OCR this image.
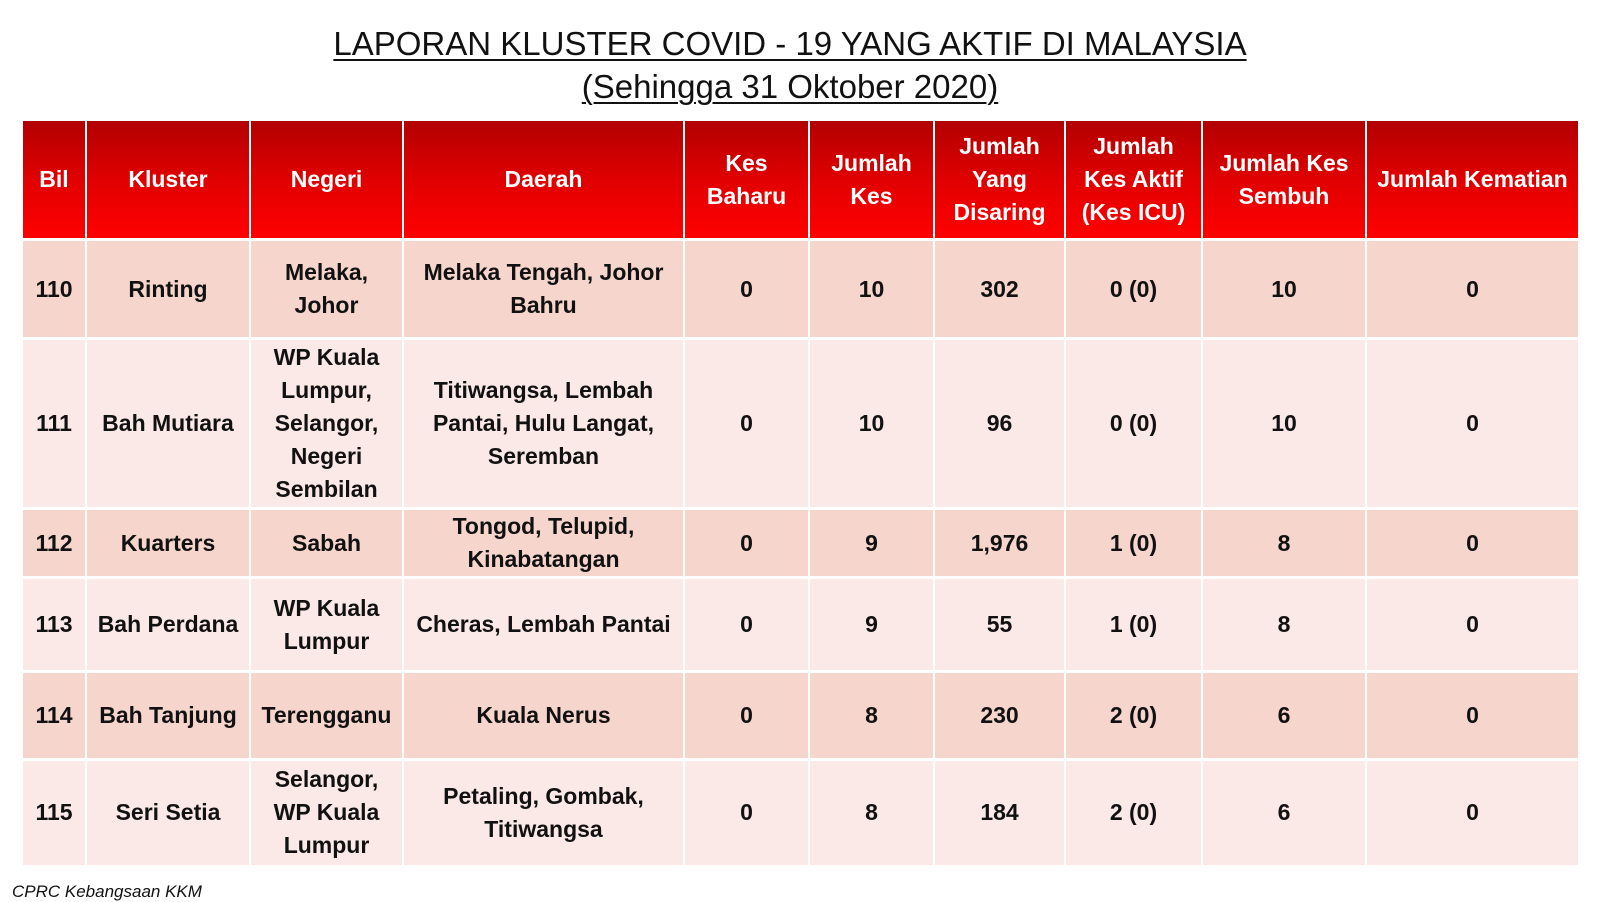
LAPORAN KLUSTER COVID - 19 YANG AKTIF DI MALAYSIA
(Sehingga 31 Oktober 2020)
Bil	Kluster	Negeri	Daerah	Kes Baharu	Jumlah Kes	Jumlah Yang Disaring	Jumlah Kes Aktif (Kes ICU)	Jumlah Kes Sembuh	Jumlah Kematian
110	Rinting	Melaka, Johor	Melaka Tengah, Johor Bahru	0	10	302	0 (0)	10	0
111	Bah Mutiara	WP Kuala Lumpur, Selangor, Negeri Sembilan	Titiwangsa, Lembah Pantai, Hulu Langat, Seremban	0	10	96	0 (0)	10	0
112	Kuarters	Sabah	Tongod, Telupid, Kinabatangan	0	9	1,976	1 (0)	8	0
113	Bah Perdana	WP Kuala Lumpur	Cheras, Lembah Pantai	0	9	55	1 (0)	8	0
114	Bah Tanjung	Terengganu	Kuala Nerus	0	8	230	2 (0)	6	0
115	Seri Setia	Selangor, WP Kuala Lumpur	Petaling, Gombak, Titiwangsa	0	8	184	2 (0)	6	0
CPRC Kebangsaan KKM
